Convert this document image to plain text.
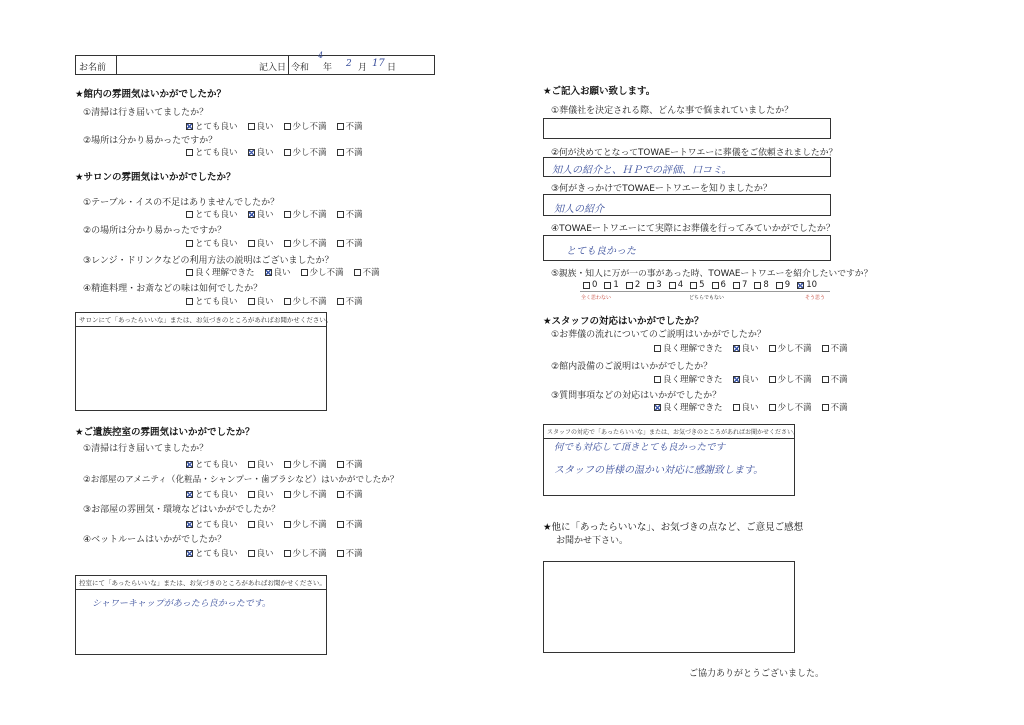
お名前	記入日 令和
4
年 2 月 17 日
★館内の雰囲気はいかがでしたか？
①清掃は行き届いてましたか？
とても良い 良い 少し不満 不満
②場所は分かり易かったですか？
とても良い 良い 少し不満 不満
★サロンの雰囲気はいかがでしたか？
①テーブル・イスの不足はありませんでしたか？
とても良い 良い 少し不満 不満
②の場所は分かり易かったですか？
とても良い 良い 少し不満 不満
③レンジ・ドリンクなどの利用方法の説明はございましたか？
良く理解できた 良い 少し不満 不満
④精進料理・お斎などの味は如何でしたか？
とても良い 良い 少し不満 不満
サロンにて「あったらいいな」または、お気づきのところがあればお聞かせください。
★ご遺族控室の雰囲気はいかがでしたか？
①清掃は行き届いてましたか？
とても良い 良い 少し不満 不満
②お部屋のアメニティ（化粧品・シャンプー・歯ブラシなど）はいかがでしたか？
とても良い 良い 少し不満 不満
③お部屋の雰囲気・環境などはいかがでしたか？
とても良い 良い 少し不満 不満
④ベットルームはいかがでしたか？
とても良い 良い 少し不満 不満
控室にて「あったらいいな」または、お気づきのところがあればお聞かせください。
シャワーキャップがあったら良かったです。
★ご記入お願い致します。
①葬儀社を決定される際、どんな事で悩まれていましたか？
②何が決めてとなってTOWAEートワエーに葬儀をご依頼されましたか？
知人の紹介と、ＨＰでの評価、口コミ。
③何がきっかけでTOWAEートワエーを知りましたか？
知人の紹介
④TOWAEートワエーにて実際にお葬儀を行ってみていかがでしたか？
とても良かった
⑤親族・知人に万が一の事があった時、TOWAEートワエーを紹介したいですか？
0 1 2 3 4 5 6 7 8 9 10
全く思わない	どちらでもない	そう思う
★スタッフの対応はいかがでしたか？
①お葬儀の流れについてのご説明はいかがでしたか？
良く理解できた 良い 少し不満 不満
②館内設備のご説明はいかがでしたか？
良く理解できた 良い 少し不満 不満
③質問事項などの対応はいかがでしたか？
良く理解できた 良い 少し不満 不満
スタッフの対応で「あったらいいな」または、お気づきのところがあればお聞かせください。
何でも対応して頂きとても良かったです
スタッフの皆様の温かい対応に感謝致します。
★他に「あったらいいな」、お気づきの点など、ご意見ご感想
お聞かせ下さい。
ご協力ありがとうございました。
